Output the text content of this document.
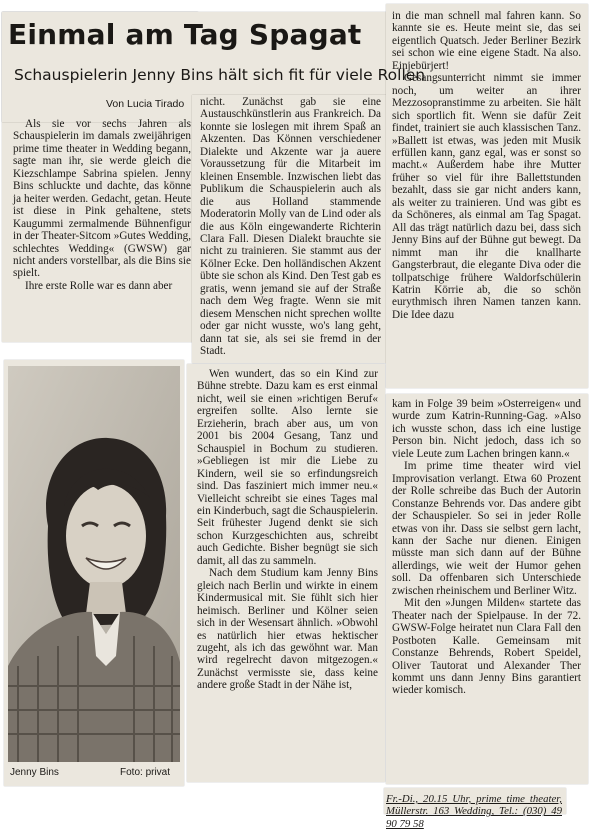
Einmal am Tag Spagat
Schauspielerin Jenny Bins hält sich fit für viele Rollen
Von Lucia Tirado

Als sie vor sechs Jahren als Schauspielerin im damals zweijährigen prime time theater in Wedding begann, sagte man ihr, sie werde gleich die Kiezschlampe Sabrina spielen. Jenny Bins schluckte und dachte, das könne ja heiter werden. Gedacht, getan. Heute ist diese in Pink gehaltene, stets Kaugummi zermalmende Bühnenfigur in der Theater-Sitcom »Gutes Wedding, schlechtes Wedding« (GWSW) gar nicht anders vorstellbar, als die Bins sie spielt.

Ihre erste Rolle war es dann aber

nicht. Zunächst gab sie eine Austauschkünstlerin aus Frankreich. Da konnte sie loslegen mit ihrem Spaß an Akzenten. Das Können verschiedener Dialekte und Akzente war ja auere Voraussetzung für die Mitarbeit im kleinen Ensemble. Inzwischen liebt das Publikum die Schauspielerin auch als die aus Holland stammende Moderatorin Molly van de Lind oder als die aus Köln eingewanderte Richterin Clara Fall. Diesen Dialekt brauchte sie nicht zu trainieren. Sie stammt aus der Kölner Ecke. Den holländischen Akzent übte sie schon als Kind. Den Test gab es gratis, wenn jemand sie auf der Straße nach dem Weg fragte. Wenn sie mit diesem Menschen nicht sprechen wollte oder gar nicht wusste, wo's lang geht, dann tat sie, als sei sie fremd in der Stadt.

Wen wundert, das so ein Kind zur Bühne strebte. Dazu kam es erst einmal nicht, weil sie einen »richtigen Beruf« ergreifen sollte. Also lernte sie Erzieherin, brach aber aus, um von 2001 bis 2004 Gesang, Tanz und Schauspiel in Bochum zu studieren. »Gebliegen ist mir die Liebe zu Kindern, weil sie so erfindungsreich sind. Das fasziniert mich immer neu.« Vielleicht schreibt sie eines Tages mal ein Kinderbuch, sagt die Schauspielerin. Seit frühester Jugend denkt sie sich schon Kurzgeschichten aus, schreibt auch Gedichte. Bisher begnügt sie sich damit, all das zu sammeln.

Nach dem Studium kam Jenny Bins gleich nach Berlin und wirkte in einem Kindermusical mit. Sie fühlt sich hier heimisch. Berliner und Kölner seien sich in der Wesensart ähnlich. »Obwohl es natürlich hier etwas hektischer zugeht, als ich das gewöhnt war. Man wird regelrecht davon mitgezogen.« Zunächst vermisste sie, dass keine andere große Stadt in der Nähe ist,

in die man schnell mal fahren kann. So kannte sie es. Heute meint sie, das sei eigentlich Quatsch. Jeder Berliner Bezirk sei schon wie eine eigene Stadt. Na also. Einjebürjert!

Gesangsunterricht nimmt sie immer noch, um weiter an ihrer Mezzosopranstimme zu arbeiten. Sie hält sich sportlich fit. Wenn sie dafür Zeit findet, trainiert sie auch klassischen Tanz. »Ballett ist etwas, was jeden mit Musik erfüllen kann, ganz egal, was er sonst so macht.« Außerdem habe ihre Mutter früher so viel für ihre Ballettstunden bezahlt, dass sie gar nicht anders kann, als weiter zu trainieren. Und was gibt es da Schöneres, als einmal am Tag Spagat. All das trägt natürlich dazu bei, dass sich Jenny Bins auf der Bühne gut bewegt. Da nimmt man ihr die knallharte Gangsterbraut, die elegante Diva oder die tollpatschige frühere Waldorfschülerin Katrin Körrie ab, die so schön eurythmisch ihren Namen tanzen kann. Die Idee dazu

kam in Folge 39 beim »Osterreigen« und wurde zum Katrin-Running-Gag. »Also ich wusste schon, dass ich eine lustige Person bin. Nicht jedoch, dass ich so viele Leute zum Lachen bringen kann.«

Im prime time theater wird viel Improvisation verlangt. Etwa 60 Prozent der Rolle schreibe das Buch der Autorin Constanze Behrends vor. Das andere gibt der Schauspieler. So sei in jeder Rolle etwas von ihr. Dass sie selbst gern lacht, kann der Sache nur dienen. Einigen müsste man sich dann auf der Bühne allerdings, wie weit der Humor gehen soll. Da offenbaren sich Unterschiede zwischen rheinischem und Berliner Witz.

Mit den »Jungen Milden« startete das Theater nach der Spielpause. In der 72. GWSW-Folge heiratet nun Clara Fall den Postboten Kalle. Gemeinsam mit Constanze Behrends, Robert Speidel, Oliver Tautorat und Alexander Ther kommt uns dann Jenny Bins garantiert wieder komisch.

Jenny Bins	Foto: privat
Fr.-Di., 20.15 Uhr, prime time theater, Müllerstr. 163 Wedding, Tel.: (030) 49 90 79 58
